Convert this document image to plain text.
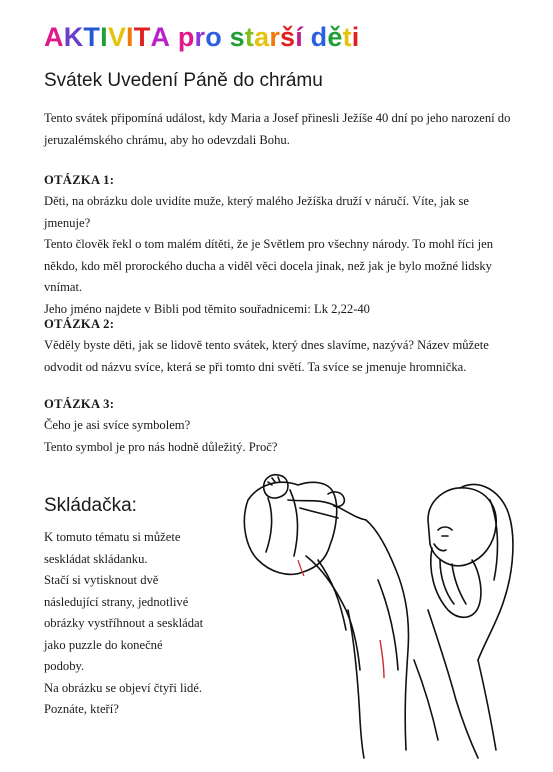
AKTIVITA pro starší děti
Svátek Uvedení Páně do chrámu

Tento svátek připomíná událost, kdy Maria a Josef přinesli Ježíše 40 dní po jeho narození do

jeruzalémského chrámu, aby ho odevzdali Bohu.

OTÁZKA 1:

Děti, na obrázku dole uvidíte muže, který malého Ježíška druží v náručí. Víte, jak se jmenuje?

Tento člověk řekl o tom malém dítěti, že je Světlem pro všechny národy. To mohl říci jen

někdo, kdo měl prorockého ducha a viděl věci docela jinak, než jak je bylo možné lidsky

vnímat.

Jeho jméno najdete v Bibli pod těmito souřadnicemi: Lk 2,22-40

OTÁZKA 2:

Věděly byste děti, jak se lidově tento svátek, který dnes slavíme, nazývá? Název můžete

odvodit od názvu svíce, která se při tomto dni světí. Ta svíce se jmenuje hromnička.

OTÁZKA 3:

Čeho je asi svíce symbolem?

Tento symbol je pro nás hodně důležitý. Proč?

Skládačka:

K tomuto tématu si můžete

sesklád‌at skládanku.

Stačí si vytisknout dvě

následující strany, jednotlivé

obrázky vystříhnout a seskládat

jako puzzle do konečné

podoby.

Na obrázku se objeví čtyři lidé.

Poznáte, kteří?
